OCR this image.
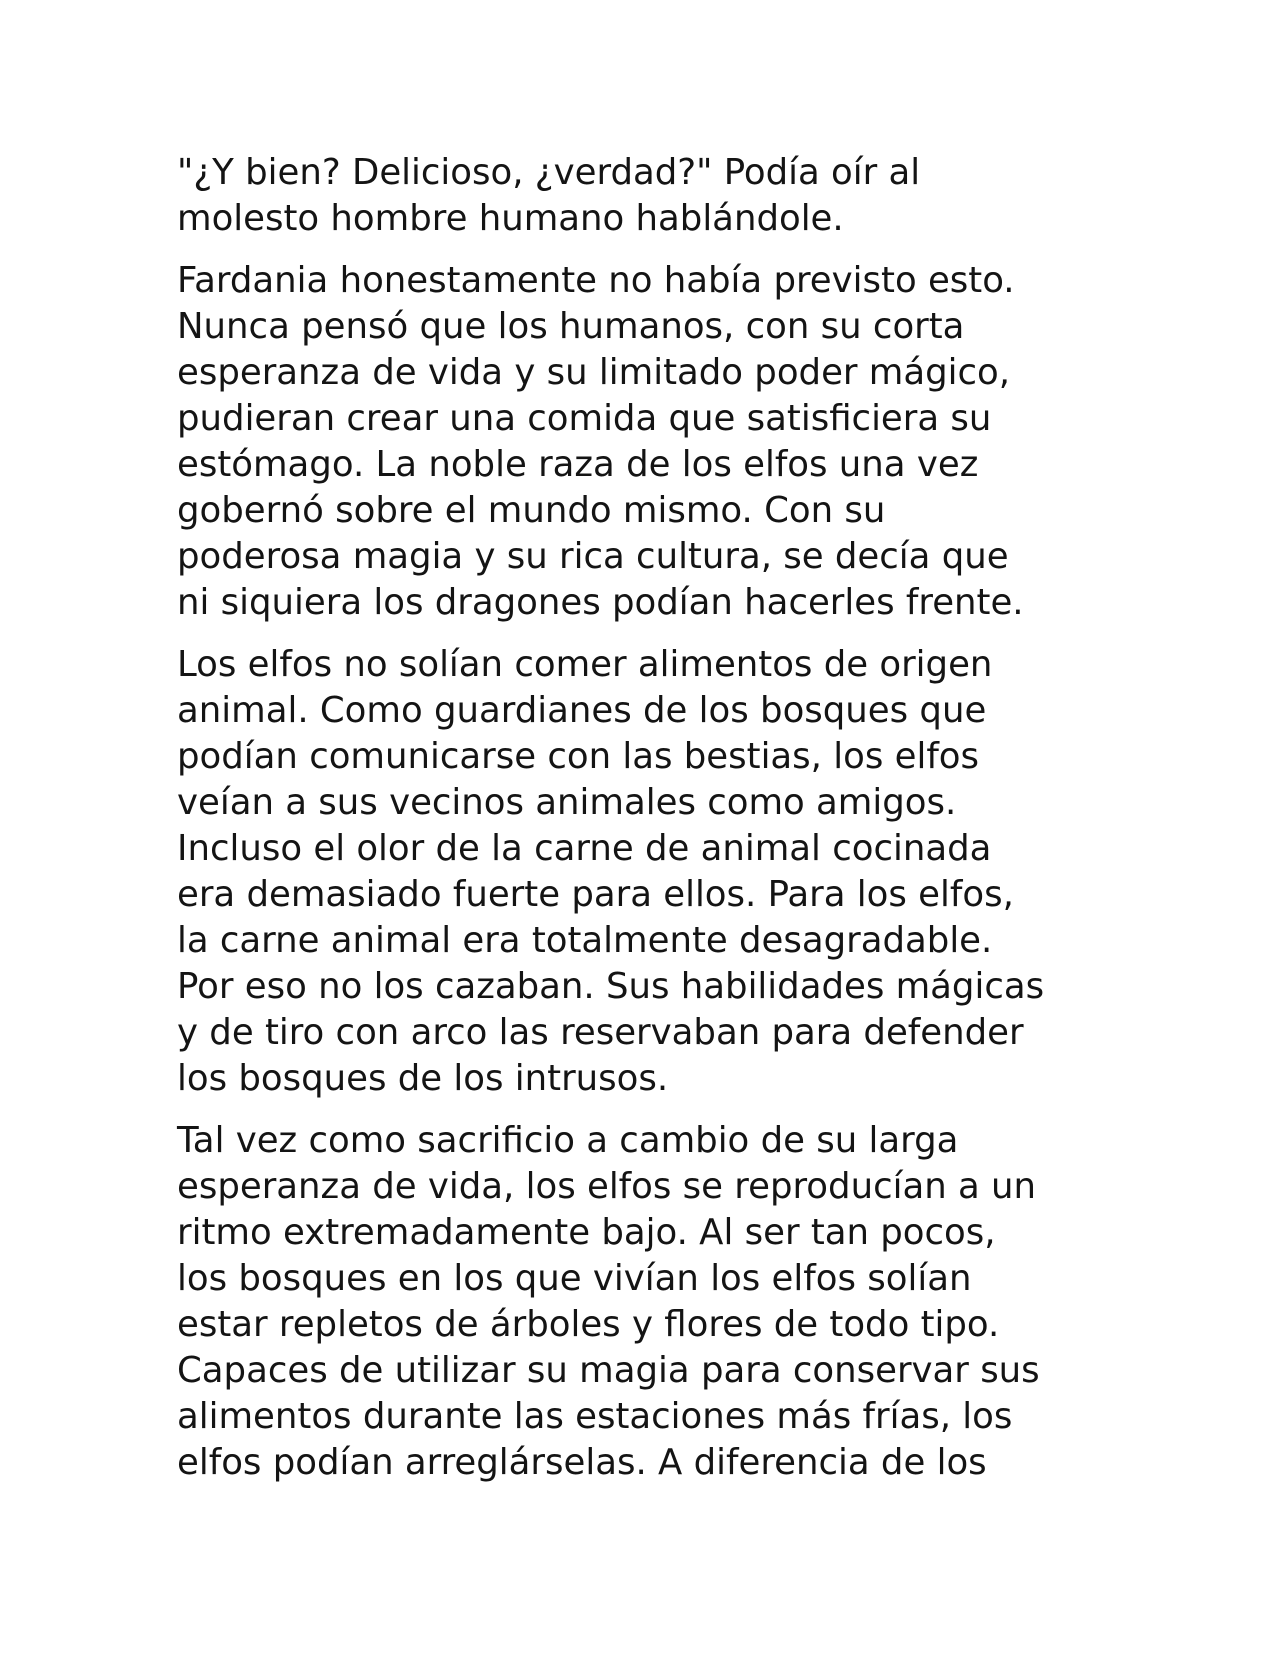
"¿Y bien? Delicioso, ¿verdad?" Podía oír al
molesto hombre humano hablándole.

Fardania honestamente no había previsto esto.
Nunca pensó que los humanos, con su corta
esperanza de vida y su limitado poder mágico,
pudieran crear una comida que satisficiera su
estómago. La noble raza de los elfos una vez
gobernó sobre el mundo mismo. Con su
poderosa magia y su rica cultura, se decía que
ni siquiera los dragones podían hacerles frente.

Los elfos no solían comer alimentos de origen
animal. Como guardianes de los bosques que
podían comunicarse con las bestias, los elfos
veían a sus vecinos animales como amigos.
Incluso el olor de la carne de animal cocinada
era demasiado fuerte para ellos. Para los elfos,
la carne animal era totalmente desagradable.
Por eso no los cazaban. Sus habilidades mágicas
y de tiro con arco las reservaban para defender
los bosques de los intrusos.

Tal vez como sacrificio a cambio de su larga
esperanza de vida, los elfos se reproducían a un
ritmo extremadamente bajo. Al ser tan pocos,
los bosques en los que vivían los elfos solían
estar repletos de árboles y flores de todo tipo.
Capaces de utilizar su magia para conservar sus
alimentos durante las estaciones más frías, los
elfos podían arreglárselas. A diferencia de los
